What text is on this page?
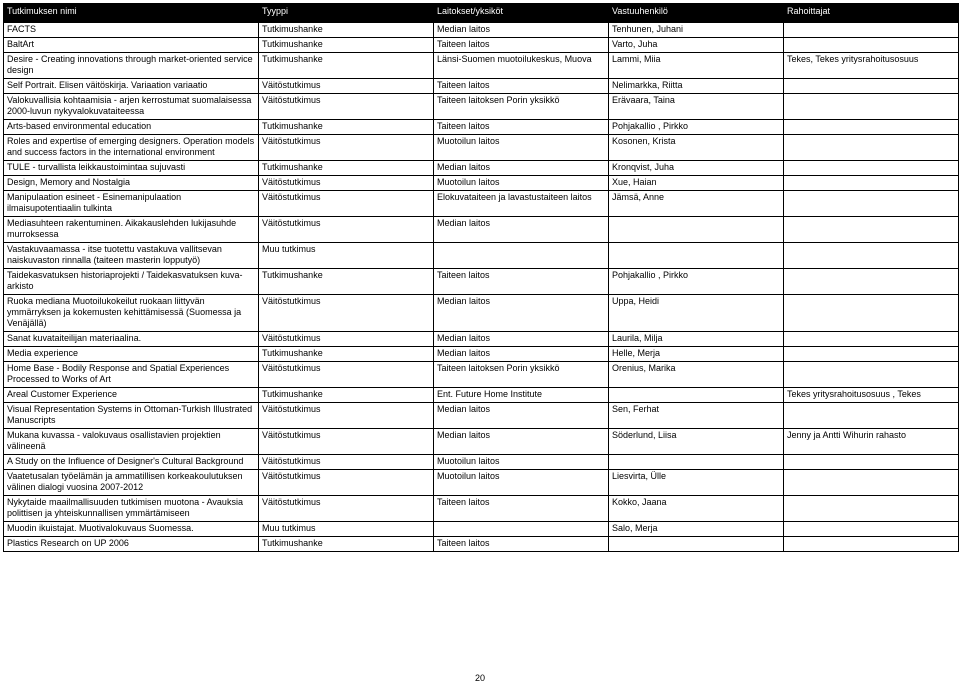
Tutkimuksen nimi	Tyyppi	Laitokset/yksiköt	Vastuuhenkilö	Rahoittajat
FACTS	Tutkimushanke	Median laitos	Tenhunen, Juhani	
BaltArt	Tutkimushanke	Taiteen laitos	Varto, Juha	
Desire - Creating innovations through market-oriented service design	Tutkimushanke	Länsi-Suomen muotoilukeskus, Muova	Lammi, Miia	Tekes, Tekes yritysrahoitusosuus
Self Portrait. Elisen väitöskirja. Variaation variaatio	Väitöstutkimus	Taiteen laitos	Nelimarkka, Riitta	
Valokuvallisia kohtaamisia - arjen kerrostumat suomalaisessa 2000-luvun nykyvalokuvataiteessa	Väitöstutkimus	Taiteen laitoksen Porin yksikkö	Erävaara, Taina	
Arts-based environmental education	Tutkimushanke	Taiteen laitos	Pohjakallio , Pirkko	
Roles and expertise of emerging designers. Operation models and success factors in the international environment	Väitöstutkimus	Muotoilun laitos	Kosonen, Krista	
TULE - turvallista leikkaustoimintaa sujuvasti	Tutkimushanke	Median laitos	Kronqvist, Juha	
Design, Memory and Nostalgia	Väitöstutkimus	Muotoilun laitos	Xue, Haian	
Manipulaation esineet - Esinemanipulaation ilmaisupotentiaalin tulkinta	Väitöstutkimus	Elokuvataiteen ja lavastustaiteen laitos	Jämsä, Anne	
Mediasuhteen rakentuminen. Aikakauslehden lukijasuhde murroksessa	Väitöstutkimus	Median laitos		
Vastakuvaamassa - itse tuotettu vastakuva vallitsevan naiskuvaston rinnalla (taiteen masterin lopputyö)	Muu tutkimus			
Taidekasvatuksen historiaprojekti / Taidekasvatuksen kuva-arkisto	Tutkimushanke	Taiteen laitos	Pohjakallio , Pirkko	
Ruoka mediana Muotoilukokeilut ruokaan liittyvän ymmärryksen ja kokemusten kehittämisessä (Suomessa ja Venäjällä)	Väitöstutkimus	Median laitos	Uppa, Heidi	
Sanat kuvataiteilijan materiaalina.	Väitöstutkimus	Median laitos	Laurila, Milja	
Media experience	Tutkimushanke	Median laitos	Helle, Merja	
Home Base - Bodily Response and Spatial Experiences Processed to Works of Art	Väitöstutkimus	Taiteen laitoksen Porin yksikkö	Orenius, Marika	
Areal Customer Experience	Tutkimushanke	Ent. Future Home Institute		Tekes yritysrahoitusosuus , Tekes
Visual Representation Systems in Ottoman-Turkish Illustrated Manuscripts	Väitöstutkimus	Median laitos	Sen, Ferhat	
Mukana kuvassa - valokuvaus osallistavien projektien välineenä	Väitöstutkimus	Median laitos	Söderlund, Liisa	Jenny ja Antti Wihurin rahasto
A Study on the Influence of Designer's Cultural Background	Väitöstutkimus	Muotoilun laitos		
Vaatetusalan työelämän ja ammatillisen korkeakoulutuksen välinen dialogi vuosina 2007-2012	Väitöstutkimus	Muotoilun laitos	Liesvirta, Ülle	
Nykytaide maailmallisuuden tutkimisen muotona - Avauksia polittisen ja yhteiskunnallisen ymmärtämiseen	Väitöstutkimus	Taiteen laitos	Kokko, Jaana	
Muodin ikuistajat. Muotivalokuvaus Suomessa.	Muu tutkimus		Salo, Merja	
Plastics Research on UP 2006	Tutkimushanke	Taiteen laitos		
20
